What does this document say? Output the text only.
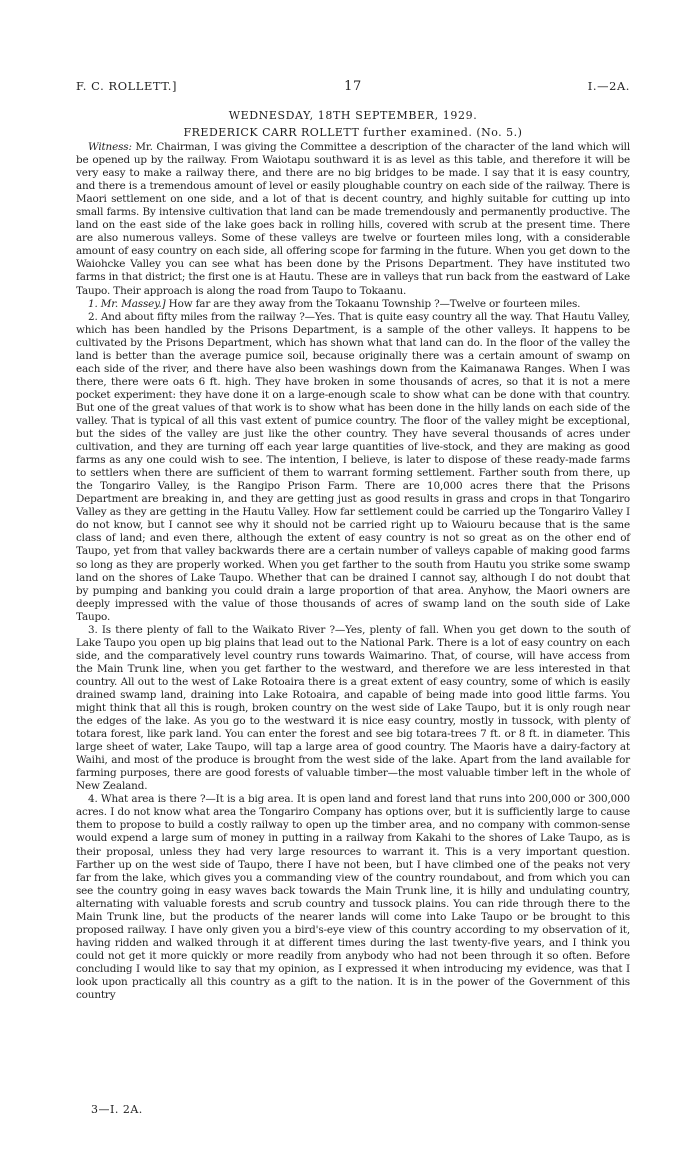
F. C. ROLLETT.]	17	I.—2A.
WEDNESDAY, 18TH SEPTEMBER, 1929.
FREDERICK CARR ROLLETT further examined. (No. 5.)

Witness: Mr. Chairman, I was giving the Committee a description of the character of the land which will be opened up by the railway. From Waiotapu southward it is as level as this table, and therefore it will be very easy to make a railway there, and there are no big bridges to be made. I say that it is easy country, and there is a tremendous amount of level or easily ploughable country on each side of the railway. There is Maori settlement on one side, and a lot of that is decent country, and highly suitable for cutting up into small farms. By intensive cultivation that land can be made tremendously and permanently productive. The land on the east side of the lake goes back in rolling hills, covered with scrub at the present time. There are also numerous valleys. Some of these valleys are twelve or fourteen miles long, with a considerable amount of easy country on each side, all offering scope for farming in the future. When you get down to the Waiohcke Valley you can see what has been done by the Prisons Department. They have instituted two farms in that district; the first one is at Hautu. These are in valleys that run back from the eastward of Lake Taupo. Their approach is along the road from Taupo to Tokaanu.

1. Mr. Massey.] How far are they away from the Tokaanu Township ?—Twelve or fourteen miles.

2. And about fifty miles from the railway ?—Yes. That is quite easy country all the way. That Hautu Valley, which has been handled by the Prisons Department, is a sample of the other valleys. It happens to be cultivated by the Prisons Department, which has shown what that land can do. In the floor of the valley the land is better than the average pumice soil, because originally there was a certain amount of swamp on each side of the river, and there have also been washings down from the Kaimanawa Ranges. When I was there, there were oats 6 ft. high. They have broken in some thousands of acres, so that it is not a mere pocket experiment: they have done it on a large-enough scale to show what can be done with that country. But one of the great values of that work is to show what has been done in the hilly lands on each side of the valley. That is typical of all this vast extent of pumice country. The floor of the valley might be exceptional, but the sides of the valley are just like the other country. They have several thousands of acres under cultivation, and they are turning off each year large quantities of live-stock, and they are making as good farms as any one could wish to see. The intention, I believe, is later to dispose of these ready-made farms to settlers when there are sufficient of them to warrant forming settlement. Farther south from there, up the Tongariro Valley, is the Rangipo Prison Farm. There are 10,000 acres there that the Prisons Department are breaking in, and they are getting just as good results in grass and crops in that Tongariro Valley as they are getting in the Hautu Valley. How far settlement could be carried up the Tongariro Valley I do not know, but I cannot see why it should not be carried right up to Waiouru because that is the same class of land; and even there, although the extent of easy country is not so great as on the other end of Taupo, yet from that valley backwards there are a certain number of valleys capable of making good farms so long as they are properly worked. When you get farther to the south from Hautu you strike some swamp land on the shores of Lake Taupo. Whether that can be drained I cannot say, although I do not doubt that by pumping and banking you could drain a large proportion of that area. Anyhow, the Maori owners are deeply impressed with the value of those thousands of acres of swamp land on the south side of Lake Taupo.

3. Is there plenty of fall to the Waikato River ?—Yes, plenty of fall. When you get down to the south of Lake Taupo you open up big plains that lead out to the National Park. There is a lot of easy country on each side, and the comparatively level country runs towards Waimarino. That, of course, will have access from the Main Trunk line, when you get farther to the westward, and therefore we are less interested in that country. All out to the west of Lake Rotoaira there is a great extent of easy country, some of which is easily drained swamp land, draining into Lake Rotoaira, and capable of being made into good little farms. You might think that all this is rough, broken country on the west side of Lake Taupo, but it is only rough near the edges of the lake. As you go to the westward it is nice easy country, mostly in tussock, with plenty of totara forest, like park land. You can enter the forest and see big totara-trees 7 ft. or 8 ft. in diameter. This large sheet of water, Lake Taupo, will tap a large area of good country. The Maoris have a dairy-factory at Waihi, and most of the produce is brought from the west side of the lake. Apart from the land available for farming purposes, there are good forests of valuable timber—the most valuable timber left in the whole of New Zealand.

4. What area is there ?—It is a big area. It is open land and forest land that runs into 200,000 or 300,000 acres. I do not know what area the Tongariro Company has options over, but it is sufficiently large to cause them to propose to build a costly railway to open up the timber area, and no company with common-sense would expend a large sum of money in putting in a railway from Kakahi to the shores of Lake Taupo, as is their proposal, unless they had very large resources to warrant it. This is a very important question. Farther up on the west side of Taupo, there I have not been, but I have climbed one of the peaks not very far from the lake, which gives you a commanding view of the country roundabout, and from which you can see the country going in easy waves back towards the Main Trunk line, it is hilly and undulating country, alternating with valuable forests and scrub country and tussock plains. You can ride through there to the Main Trunk line, but the products of the nearer lands will come into Lake Taupo or be brought to this proposed railway. I have only given you a bird's-eye view of this country according to my observation of it, having ridden and walked through it at different times during the last twenty-five years, and I think you could not get it more quickly or more readily from anybody who had not been through it so often. Before concluding I would like to say that my opinion, as I expressed it when introducing my evidence, was that I look upon practically all this country as a gift to the nation. It is in the power of the Government of this country

3—I. 2A.
